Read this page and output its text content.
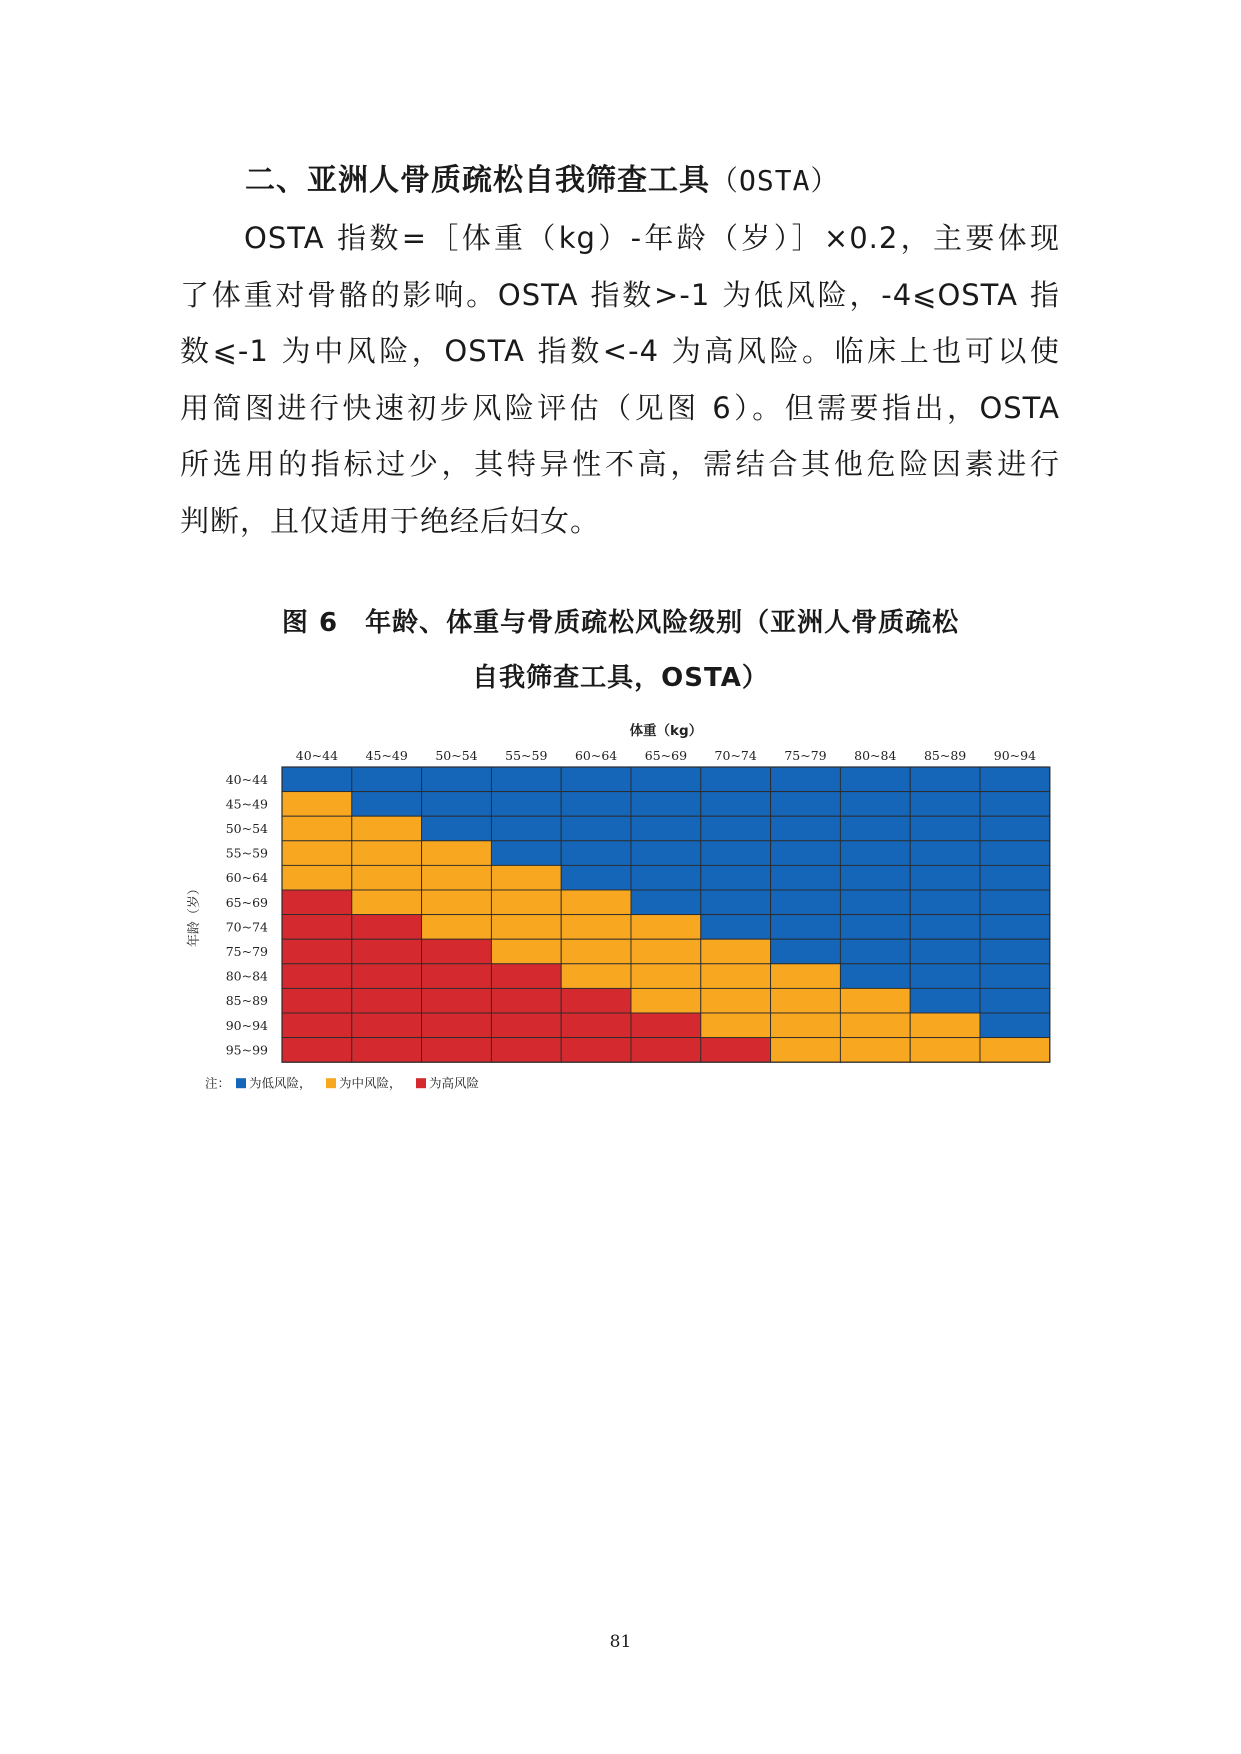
二、亚洲人骨质疏松自我筛查工具（OSTA）
OSTA 指数=［体重（kg）-年龄（岁）］×0.2，主要体现
了体重对骨骼的影响。OSTA 指数>-1 为低风险，-4⩽OSTA 指
数⩽-1 为中风险，OSTA 指数<-4 为高风险。临床上也可以使
用简图进行快速初步风险评估（见图 6）。但需要指出，OSTA
所选用的指标过少，其特异性不高，需结合其他危险因素进行
判断，且仅适用于绝经后妇女。
图 6　年龄、体重与骨质疏松风险级别（亚洲人骨质疏松
自我筛查工具，OSTA）
体重（kg）
40~44 45~49 50~54 55~59 60~64 65~69 70~74 75~79 80~84 85~89 90~94
40~44
45~49
50~54
55~59
60~64
65~69
70~74
75~79
80~84
85~89
90~94
95~99
年龄（岁）
注： 为低风险， 为中风险， 为高风险
81
